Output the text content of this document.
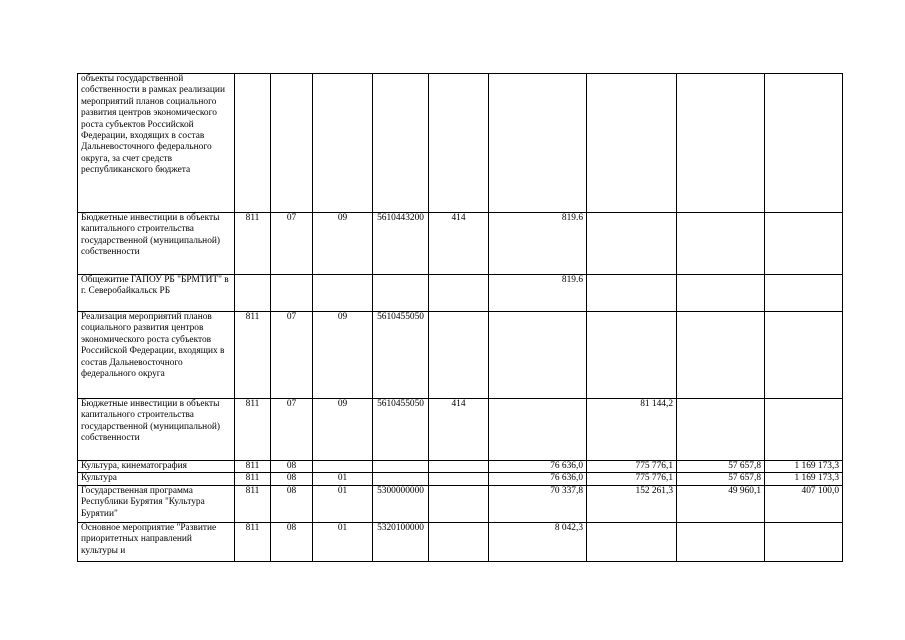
объекты государственной собственности в рамках реализации мероприятий планов социального развития центров экономического роста субъектов Российской Федерации, входящих в состав Дальневосточного федерального округа, за счет средств республиканского бюджета									
Бюджетные инвестиции в объекты капитального строительства государственной (муниципальной) собственности	811	07	09	5610443200	414	819.6			
Общежитие ГАПОУ РБ "БРМТИТ" в г. Северобайкальск РБ						819.6			
Реализация мероприятий планов социального развития центров экономического роста субъектов Российской Федерации, входящих в состав Дальневосточного федерального округа	811	07	09	5610455050					
Бюджетные инвестиции в объекты капитального строительства государственной (муниципальной) собственности	811	07	09	5610455050	414		81 144,2		
Культура, кинематография	811	08				76 636,0	775 776,1	57 657,8	1 169 173,3
Культура	811	08	01			76 636,0	775 776,1	57 657,8	1 169 173,3
Государственная программа Республики Бурятия "Культура Бурятии"	811	08	01	5300000000		70 337,8	152 261,3	49 960,1	407 100,0
Основное мероприятие "Развитие приоритетных направлений культуры и	811	08	01	5320100000		8 042,3			
